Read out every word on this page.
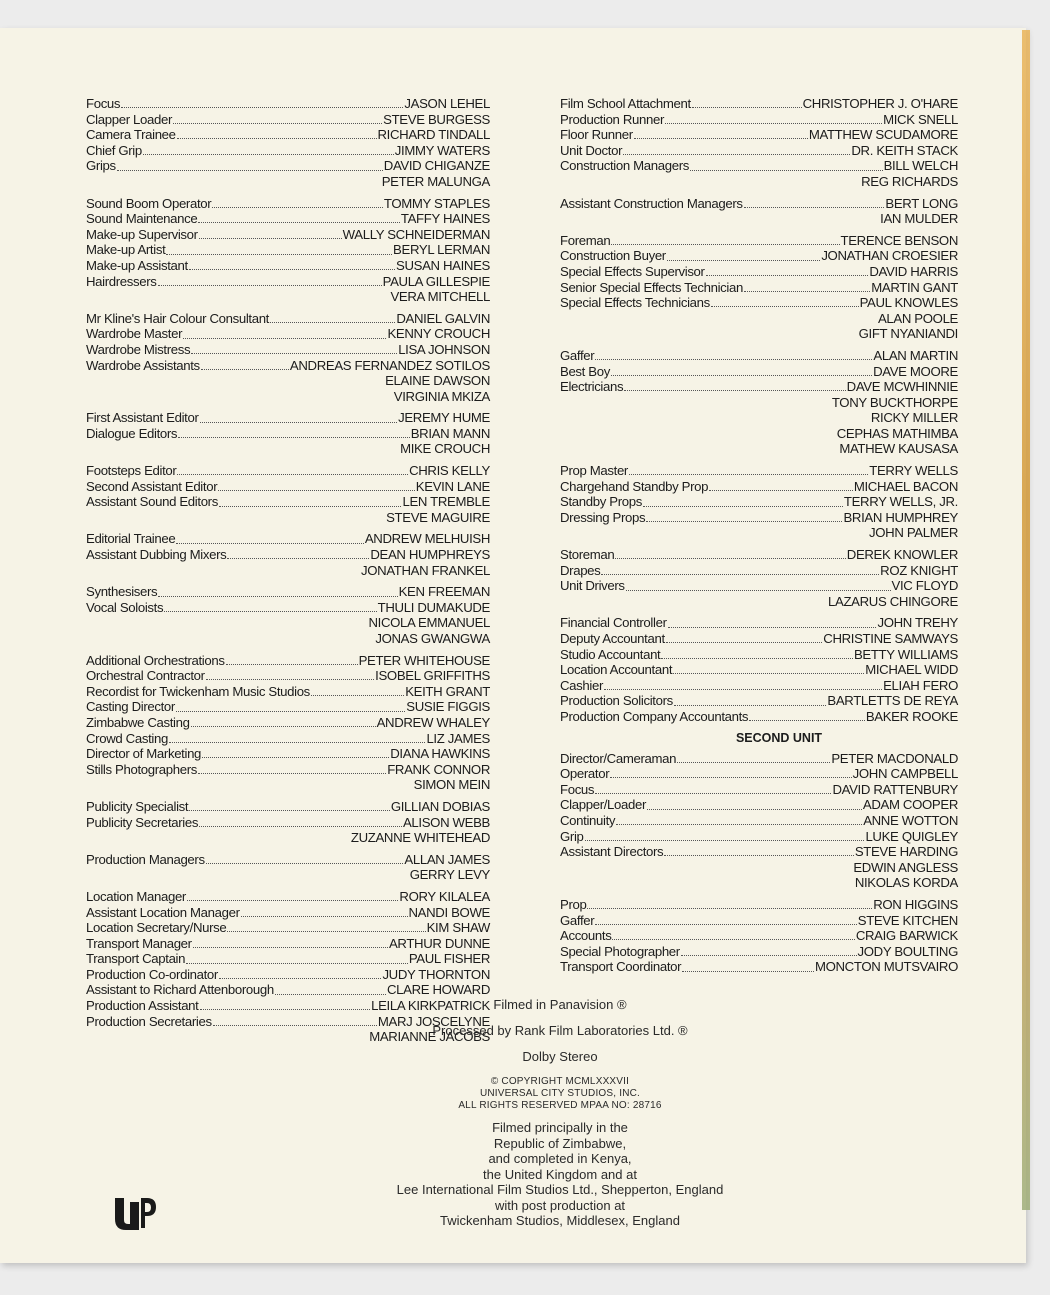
Focus	JASON LEHEL
Clapper Loader	STEVE BURGESS
Camera Trainee	RICHARD TINDALL
Chief Grip	JIMMY WATERS
Grips	DAVID CHIGANZE
PETER MALUNGA
Sound Boom Operator	TOMMY STAPLES
Sound Maintenance	TAFFY HAINES
Make-up Supervisor	WALLY SCHNEIDERMAN
Make-up Artist	BERYL LERMAN
Make-up Assistant	SUSAN HAINES
Hairdressers	PAULA GILLESPIE
VERA MITCHELL
Mr Kline's Hair Colour Consultant	DANIEL GALVIN
Wardrobe Master	KENNY CROUCH
Wardrobe Mistress	LISA JOHNSON
Wardrobe Assistants	ANDREAS FERNANDEZ SOTILOS
ELAINE DAWSON
VIRGINIA MKIZA
First Assistant Editor	JEREMY HUME
Dialogue Editors	BRIAN MANN
MIKE CROUCH
Footsteps Editor	CHRIS KELLY
Second Assistant Editor	KEVIN LANE
Assistant Sound Editors	LEN TREMBLE
STEVE MAGUIRE
Editorial Trainee	ANDREW MELHUISH
Assistant Dubbing Mixers	DEAN HUMPHREYS
JONATHAN FRANKEL
Synthesisers	KEN FREEMAN
Vocal Soloists	THULI DUMAKUDE
NICOLA EMMANUEL
JONAS GWANGWA
Additional Orchestrations	PETER WHITEHOUSE
Orchestral Contractor	ISOBEL GRIFFITHS
Recordist for Twickenham Music Studios	KEITH GRANT
Casting Director	SUSIE FIGGIS
Zimbabwe Casting	ANDREW WHALEY
Crowd Casting	LIZ JAMES
Director of Marketing	DIANA HAWKINS
Stills Photographers	FRANK CONNOR
SIMON MEIN
Publicity Specialist	GILLIAN DOBIAS
Publicity Secretaries	ALISON WEBB
ZUZANNE WHITEHEAD
Production Managers	ALLAN JAMES
GERRY LEVY
Location Manager	RORY KILALEA
Assistant Location Manager	NANDI BOWE
Location Secretary/Nurse	KIM SHAW
Transport Manager	ARTHUR DUNNE
Transport Captain	PAUL FISHER
Production Co-ordinator	JUDY THORNTON
Assistant to Richard Attenborough	CLARE HOWARD
Production Assistant	LEILA KIRKPATRICK
Production Secretaries	MARJ JOSCELYNE
MARIANNE JACOBS
Film School Attachment	CHRISTOPHER J. O'HARE
Production Runner	MICK SNELL
Floor Runner	MATTHEW SCUDAMORE
Unit Doctor	DR. KEITH STACK
Construction Managers	BILL WELCH
REG RICHARDS
Assistant Construction Managers	BERT LONG
IAN MULDER
Foreman	TERENCE BENSON
Construction Buyer	JONATHAN CROESIER
Special Effects Supervisor	DAVID HARRIS
Senior Special Effects Technician	MARTIN GANT
Special Effects Technicians	PAUL KNOWLES
ALAN POOLE
GIFT NYANIANDI
Gaffer	ALAN MARTIN
Best Boy	DAVE MOORE
Electricians	DAVE MCWHINNIE
TONY BUCKTHORPE
RICKY MILLER
CEPHAS MATHIMBA
MATHEW KAUSASA
Prop Master	TERRY WELLS
Chargehand Standby Prop	MICHAEL BACON
Standby Props	TERRY WELLS, JR.
Dressing Props	BRIAN HUMPHREY
JOHN PALMER
Storeman	DEREK KNOWLER
Drapes	ROZ KNIGHT
Unit Drivers	VIC FLOYD
LAZARUS CHINGORE
Financial Controller	JOHN TREHY
Deputy Accountant	CHRISTINE SAMWAYS
Studio Accountant	BETTY WILLIAMS
Location Accountant	MICHAEL WIDD
Cashier	ELIAH FERO
Production Solicitors	BARTLETTS DE REYA
Production Company Accountants	BAKER ROOKE
SECOND UNIT
Director/Cameraman	PETER MACDONALD
Operator	JOHN CAMPBELL
Focus	DAVID RATTENBURY
Clapper/Loader	ADAM COOPER
Continuity	ANNE WOTTON
Grip	LUKE QUIGLEY
Assistant Directors	STEVE HARDING
EDWIN ANGLESS
NIKOLAS KORDA
Prop	RON HIGGINS
Gaffer	STEVE KITCHEN
Accounts	CRAIG BARWICK
Special Photographer	JODY BOULTING
Transport Coordinator	MONCTON MUTSVAIRO
Filmed in Panavision ®
Processed by Rank Film Laboratories Ltd. ®
Dolby Stereo
© COPYRIGHT MCMLXXXVII
UNIVERSAL CITY STUDIOS, INC.
ALL RIGHTS RESERVED MPAA NO: 28716
Filmed principally in the
Republic of Zimbabwe,
and completed in Kenya,
the United Kingdom and at
Lee International Film Studios Ltd., Shepperton, England
with post production at
Twickenham Studios, Middlesex, England
